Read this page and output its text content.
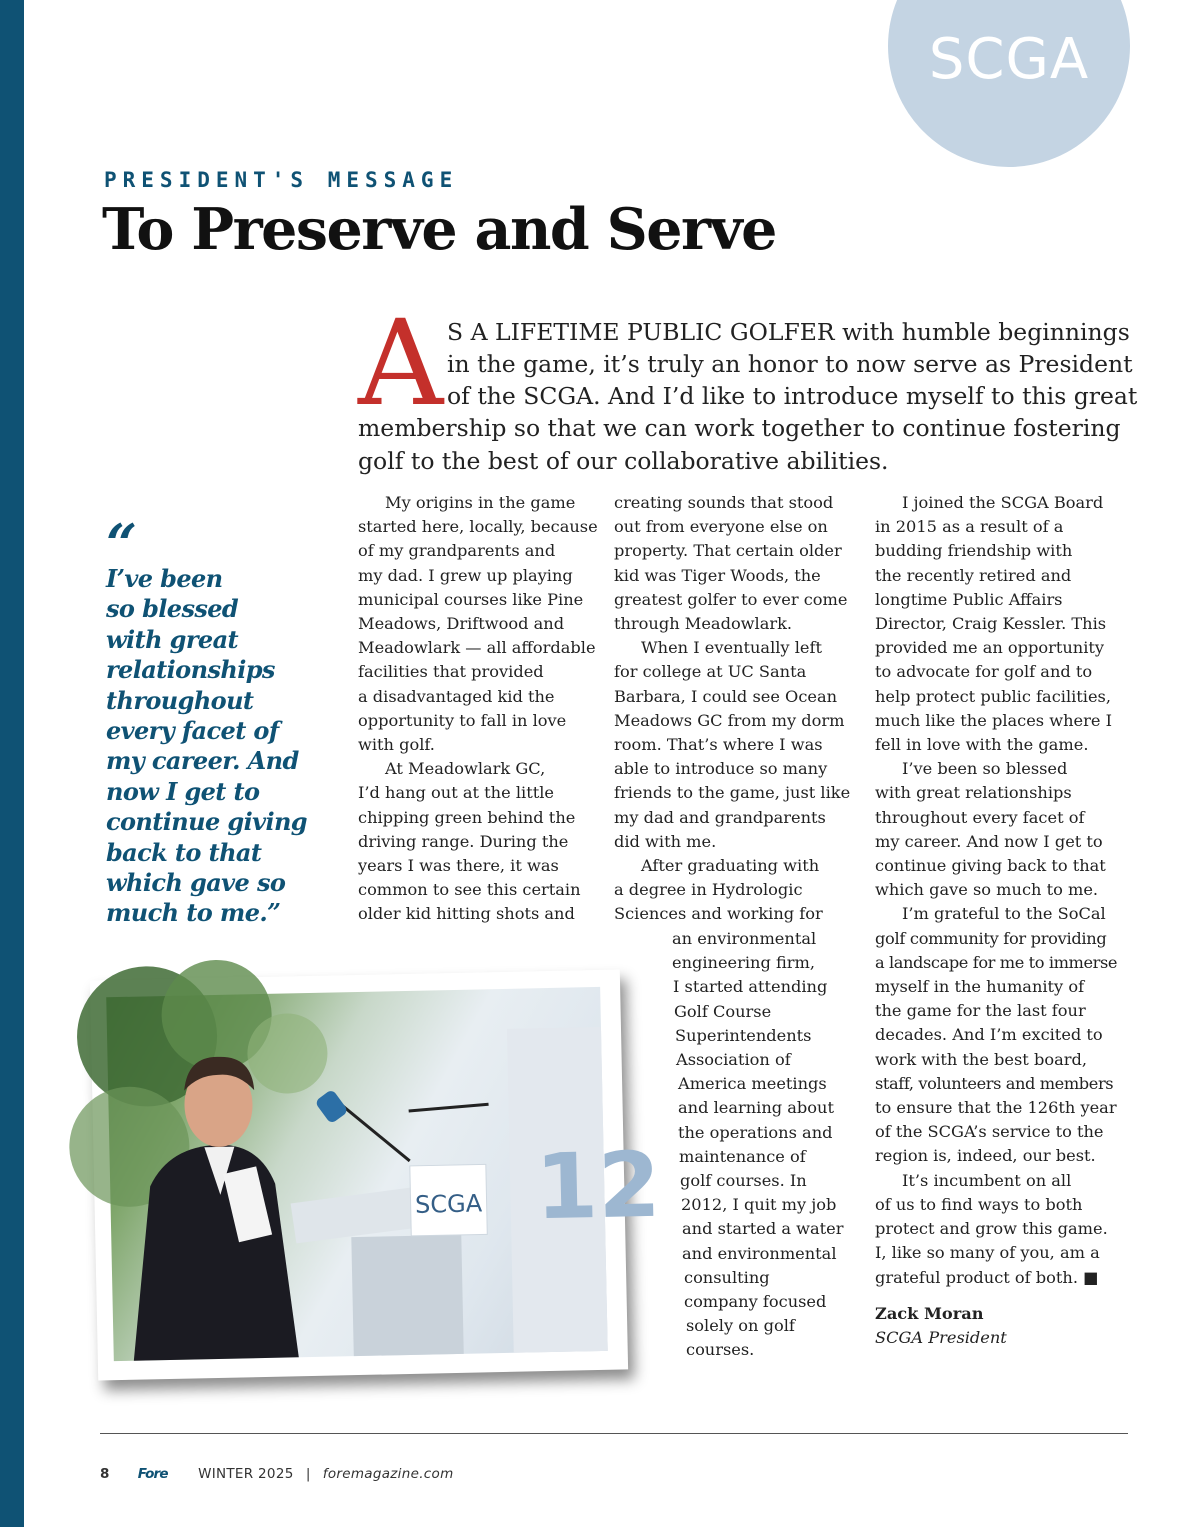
SCGA
PRESIDENT'S MESSAGE
To Preserve and Serve
A S A LIFETIME PUBLIC GOLFER with humble beginnings

in the game, it’s truly an honor to now serve as President

of the SCGA. And I’d like to introduce myself to this great

membership so that we can work together to continue fostering

golf to the best of our collaborative abilities.

“
I’ve been
so blessed
with great
relationships
throughout
every facet of
my career. And
now I get to
continue giving
back to that
which gave so
much to me.”
My origins in the game
started here, locally, because
of my grandparents and
my dad. I grew up playing
municipal courses like Pine
Meadows, Driftwood and
Meadowlark — all affordable
facilities that provided
a disadvantaged kid the
opportunity to fall in love
with golf.
At Meadowlark GC,
I’d hang out at the little
chipping green behind the
driving range. During the
years I was there, it was
common to see this certain
older kid hitting shots and
creating sounds that stood
out from everyone else on
property. That certain older
kid was Tiger Woods, the
greatest golfer to ever come
through Meadowlark.
When I eventually left
for college at UC Santa
Barbara, I could see Ocean
Meadows GC from my dorm
room. That’s where I was
able to introduce so many
friends to the game, just like
my dad and grandparents
did with me.
After graduating with
a degree in Hydrologic
Sciences and working for
an environmental
engineering firm,
I started attending
Golf Course
Superintendents
Association of
America meetings
and learning about
the operations and
maintenance of
golf courses. In
2012, I quit my job
and started a water
and environmental
consulting
company focused
solely on golf
courses.
I joined the SCGA Board
in 2015 as a result of a
budding friendship with
the recently retired and
longtime Public Affairs
Director, Craig Kessler. This
provided me an opportunity
to advocate for golf and to
help protect public facilities,
much like the places where I
fell in love with the game.
I’ve been so blessed
with great relationships
throughout every facet of
my career. And now I get to
continue giving back to that
which gave so much to me.
I’m grateful to the SoCal
golf community for providing
a landscape for me to immerse
myself in the humanity of
the game for the last four
decades. And I’m excited to
work with the best board,
staff, volunteers and members
to ensure that the 126th year
of the SCGA’s service to the
region is, indeed, our best.
It’s incumbent on all
of us to find ways to both
protect and grow this game.
I, like so many of you, am a
grateful product of both. ■
Zack Moran
SCGA President
12
SCGA
8 Fore WINTER 2025 | foremagazine.com
